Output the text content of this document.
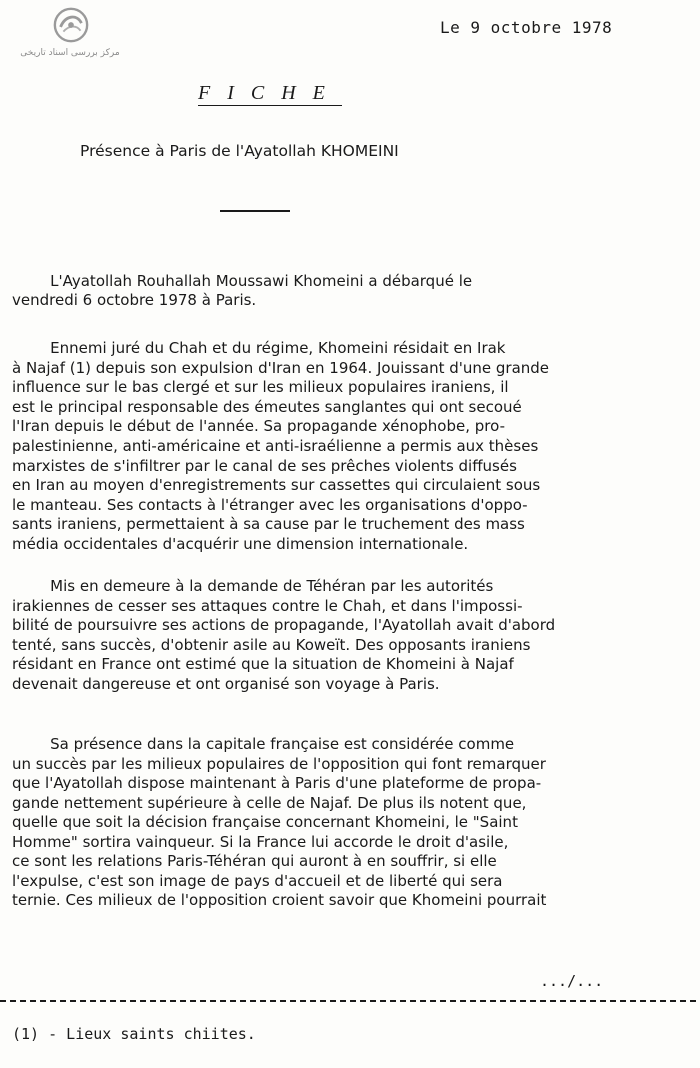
مرکز بررسی اسناد تاریخی
Le 9 octobre 1978
FICHE
Présence à Paris de l'Ayatollah KHOMEINI

L'Ayatollah Rouhallah Moussawi Khomeini a débarqué le
vendredi 6 octobre 1978 à Paris.

Ennemi juré du Chah et du régime, Khomeini résidait en Irak
à Najaf (1) depuis son expulsion d'Iran en 1964. Jouissant d'une grande
influence sur le bas clergé et sur les milieux populaires iraniens, il
est le principal responsable des émeutes sanglantes qui ont secoué
l'Iran depuis le début de l'année. Sa propagande xénophobe, pro-
palestinienne, anti-américaine et anti-israélienne a permis aux thèses
marxistes de s'infiltrer par le canal de ses prêches violents diffusés
en Iran au moyen d'enregistrements sur cassettes qui circulaient sous
le manteau. Ses contacts à l'étranger avec les organisations d'oppo-
sants iraniens, permettaient à sa cause par le truchement des mass
média occidentales d'acquérir une dimension internationale.

Mis en demeure à la demande de Téhéran par les autorités
irakiennes de cesser ses attaques contre le Chah, et dans l'impossi-
bilité de poursuivre ses actions de propagande, l'Ayatollah avait d'abord
tenté, sans succès, d'obtenir asile au Koweït. Des opposants iraniens
résidant en France ont estimé que la situation de Khomeini à Najaf
devenait dangereuse et ont organisé son voyage à Paris.

Sa présence dans la capitale française est considérée comme
un succès par les milieux populaires de l'opposition qui font remarquer
que l'Ayatollah dispose maintenant à Paris d'une plateforme de propa-
gande nettement supérieure à celle de Najaf. De plus ils notent que,
quelle que soit la décision française concernant Khomeini, le "Saint
Homme" sortira vainqueur. Si la France lui accorde le droit d'asile,
ce sont les relations Paris-Téhéran qui auront à en souffrir, si elle
l'expulse, c'est son image de pays d'accueil et de liberté qui sera
ternie. Ces milieux de l'opposition croient savoir que Khomeini pourrait

.../...
(1) - Lieux saints chiites.
